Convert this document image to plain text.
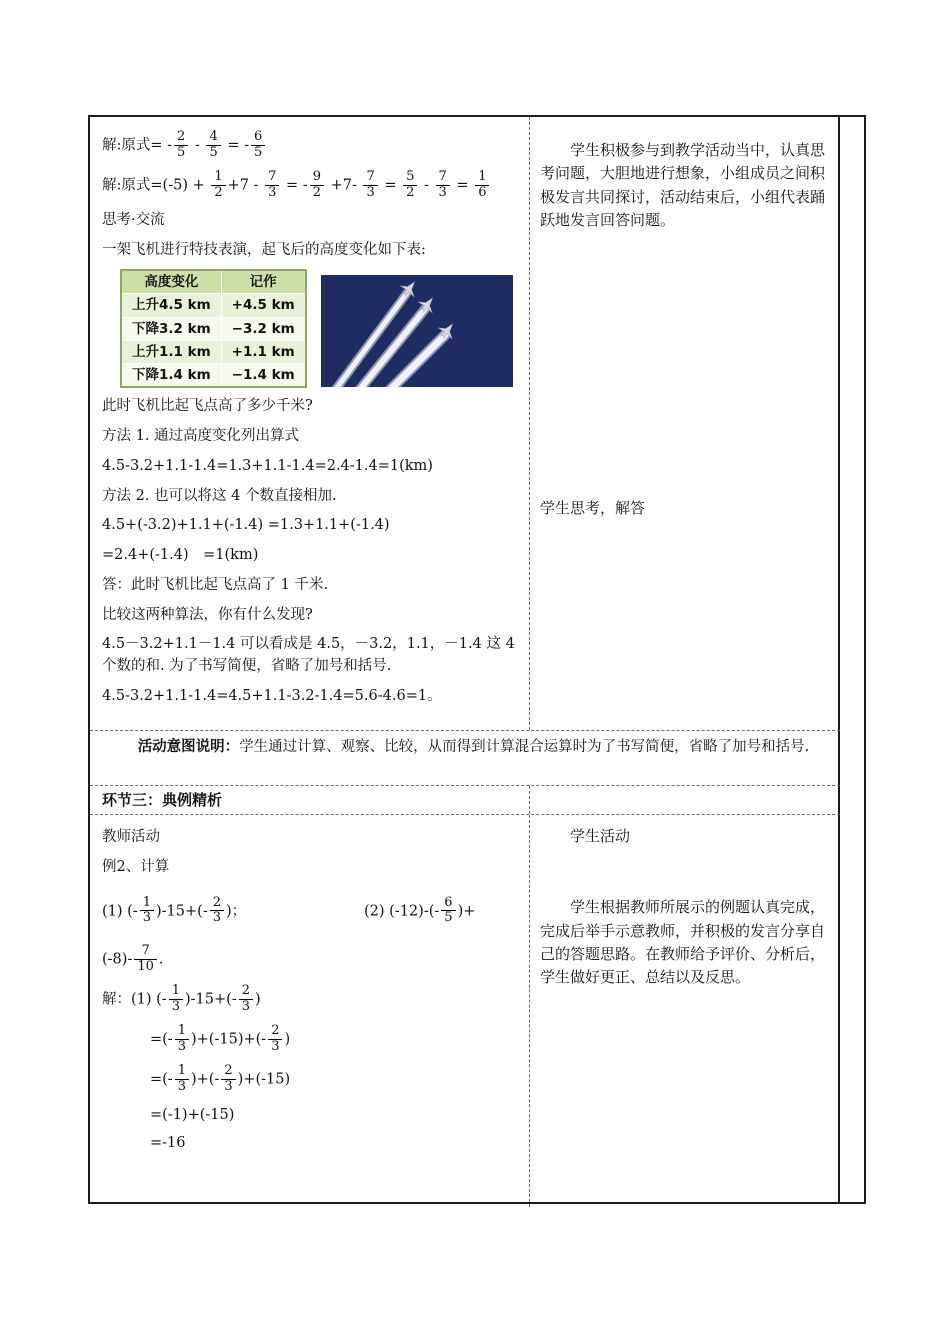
解:原式= - $\frac{2}{5} - \frac{4}{5}$ = - $\frac{6}{5}$
解:原式$=(-5) + \frac{1}{2} +7 - \frac{7}{3}$ = - $\frac{9}{2} +7- \frac{7}{3} = \frac{5}{2} - \frac{7}{3} = \frac{1}{6}$

思考·交流

一架飞机进行特技表演，起飞后的高度变化如下表:

高度变化	记作
上升4.5 km	+4.5 km
下降3.2 km	−3.2 km
上升1.1 km	+1.1 km
下降1.4 km	−1.4 km

此时飞机比起飞点高了多少千米?

方法 1. 通过高度变化列出算式

4.5-3.2+1.1-1.4=1.3+1.1-1.4=2.4-1.4=1(km)

方法 2. 也可以将这 4 个数直接相加.

4.5+(-3.2)+1.1+(-1.4) =1.3+1.1+(-1.4)

=2.4+(-1.4)　=1(km)

答：此时飞机比起飞点高了 1 千米.

比较这两种算法，你有什么发现?

4.5－3.2+1.1－1.4 可以看成是 4.5，－3.2，1.1，－1.4 这 4 个数的和. 为了书写简便，省略了加号和括号.

4.5-3.2+1.1-1.4=4.5+1.1-3.2-1.4=5.6-4.6=1。

学生积极参与到教学活动当中，认真思考问题，大胆地进行想象，小组成员之间积极发言共同探讨，活动结束后，小组代表踊跃地发言回答问题。

学生思考，解答

活动意图说明：学生通过计算、观察、比较，从而得到计算混合运算时为了书写简便，省略了加号和括号.

环节三：典例精析

教师活动

例2、计算

(1) (- $\frac{1}{3} )-15+(- \frac{2}{3}$ )；	(2) $(-12)-(- \frac{6}{5}$ )+
$(-8)- \frac{7}{10}$ .
解：(1) (- $\frac{1}{3} )-15+(- \frac{2}{3}$ )
=(- $\frac{1}{3} )+(-15)+(- \frac{2}{3}$ )
=(- $\frac{1}{3}$ )+(- $\frac{2}{3} )+(-15)$
=(-1)+(-15)
=-16

学生活动

学生根据教师所展示的例题认真完成，完成后举手示意教师，并积极的发言分享自己的答题思路。在教师给予评价、分析后，学生做好更正、总结以及反思。
